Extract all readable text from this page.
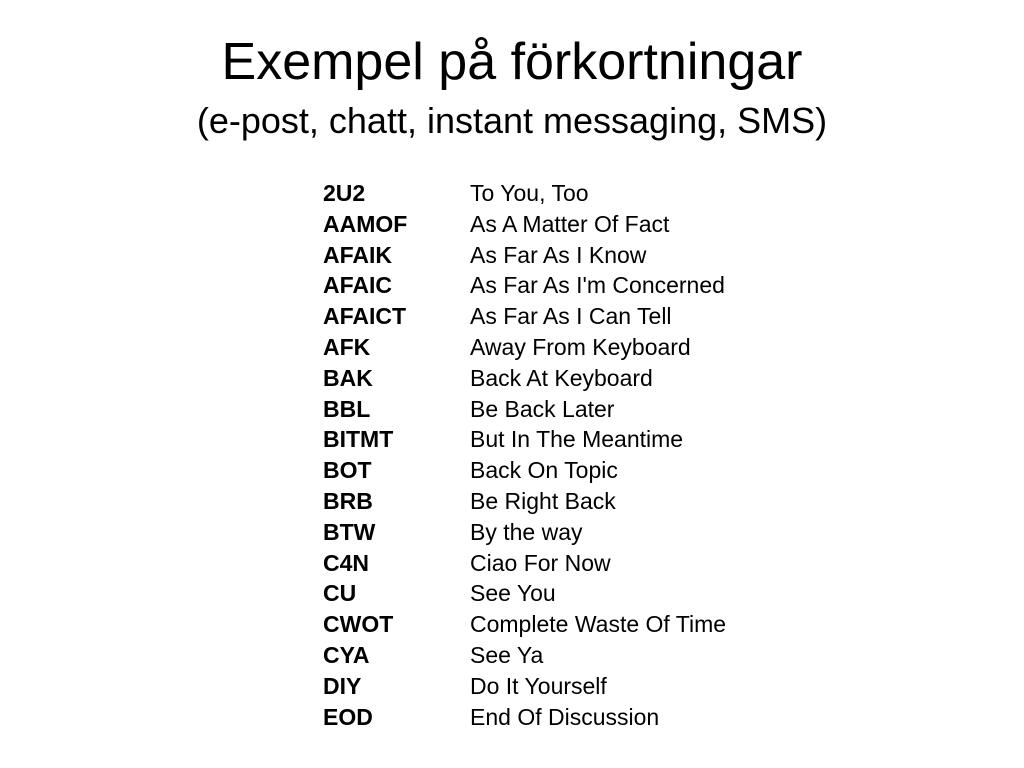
Exempel på förkortningar
(e-post, chatt, instant messaging, SMS)
2U2	To You, Too
AAMOF	As A Matter Of Fact
AFAIK	As Far As I Know
AFAIC	As Far As I'm Concerned
AFAICT	As Far As I Can Tell
AFK	Away From Keyboard
BAK	Back At Keyboard
BBL	Be Back Later
BITMT	But In The Meantime
BOT	Back On Topic
BRB	Be Right Back
BTW	By the way
C4N	Ciao For Now
CU	See You
CWOT	Complete Waste Of Time
CYA	See Ya
DIY	Do It Yourself
EOD	End Of Discussion
